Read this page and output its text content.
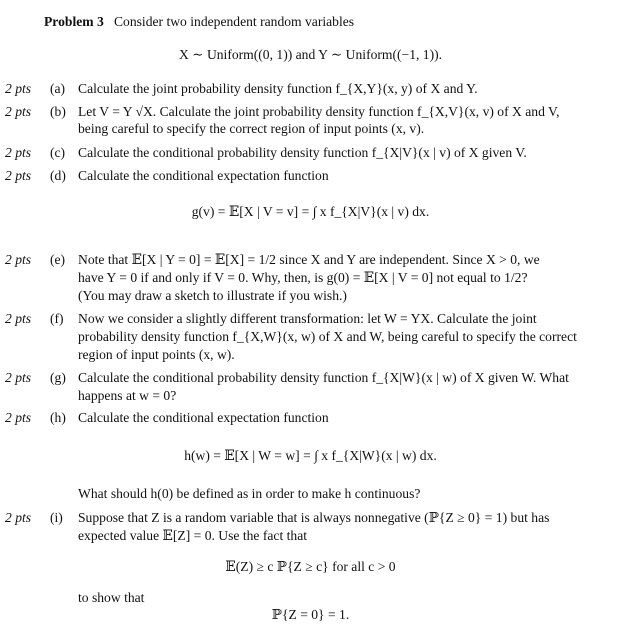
Problem 3 Consider two independent random variables
X ∼ Uniform((0, 1)) and Y ∼ Uniform((−1, 1)).
2 pts (a) Calculate the joint probability density function f_{X,Y}(x, y) of X and Y.
2 pts (b) Let V = Y √X. Calculate the joint probability density function f_{X,V}(x, v) of X and V,
being careful to specify the correct region of input points (x, v).
2 pts (c) Calculate the conditional probability density function f_{X|V}(x | v) of X given V.
2 pts (d) Calculate the conditional expectation function
g(v) = 𝔼[X | V = v] = ∫ x f_{X|V}(x | v) dx.
2 pts (e) Note that 𝔼[X | Y = 0] = 𝔼[X] = 1/2 since X and Y are independent. Since X > 0, we
have Y = 0 if and only if V = 0. Why, then, is g(0) = 𝔼[X | V = 0] not equal to 1/2?
(You may draw a sketch to illustrate if you wish.)
2 pts (f) Now we consider a slightly different transformation: let W = YX. Calculate the joint
probability density function f_{X,W}(x, w) of X and W, being careful to specify the correct
region of input points (x, w).
2 pts (g) Calculate the conditional probability density function f_{X|W}(x | w) of X given W. What
happens at w = 0?
2 pts (h) Calculate the conditional expectation function
h(w) = 𝔼[X | W = w] = ∫ x f_{X|W}(x | w) dx.
What should h(0) be defined as in order to make h continuous?
2 pts (i) Suppose that Z is a random variable that is always nonnegative (ℙ{Z ≥ 0} = 1) but has
expected value 𝔼[Z] = 0. Use the fact that
𝔼(Z) ≥ c ℙ{Z ≥ c} for all c > 0
to show that
ℙ{Z = 0} = 1.
